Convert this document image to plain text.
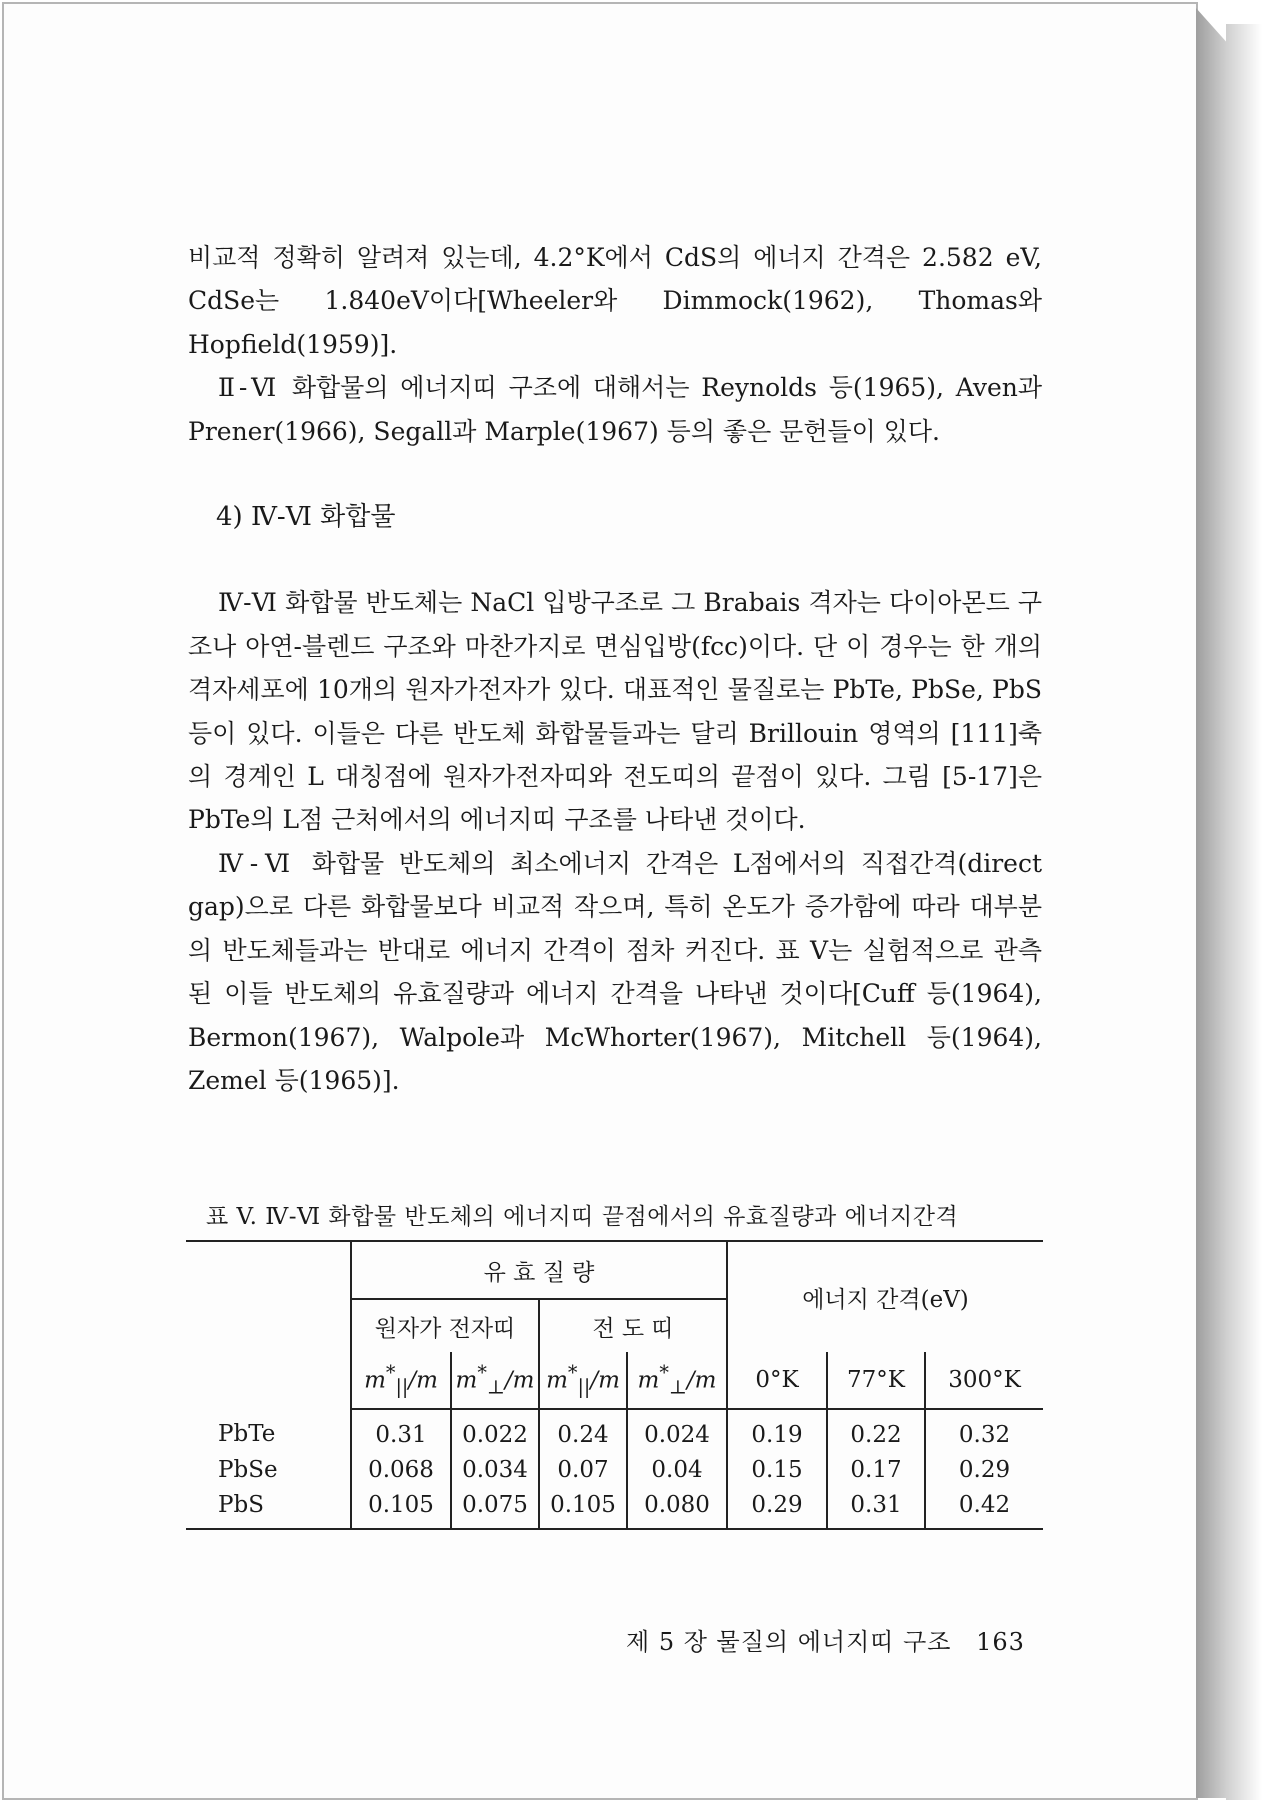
비교적 정확히 알려져 있는데, 4.2°K에서 CdS의 에너지 간격은 2.582 eV, CdSe는 1.840eV이다[Wheeler와 Dimmock(1962), Thomas와 Hopfield(1959)].

Ⅱ-Ⅵ 화합물의 에너지띠 구조에 대해서는 Reynolds 등(1965), Aven과 Prener(1966), Segall과 Marple(1967) 등의 좋은 문헌들이 있다.

4) Ⅳ-Ⅵ 화합물

Ⅳ-Ⅵ 화합물 반도체는 NaCl 입방구조로 그 Brabais 격자는 다이아몬드 구조나 아연-블렌드 구조와 마찬가지로 면심입방(fcc)이다. 단 이 경우는 한 개의 격자세포에 10개의 원자가전자가 있다. 대표적인 물질로는 PbTe, PbSe, PbS 등이 있다. 이들은 다른 반도체 화합물들과는 달리 Brillouin 영역의 [111]축의 경계인 L 대칭점에 원자가전자띠와 전도띠의 끝점이 있다. 그림 [5-17]은 PbTe의 L점 근처에서의 에너지띠 구조를 나타낸 것이다.

Ⅳ-Ⅵ 화합물 반도체의 최소에너지 간격은 L점에서의 직접간격(direct gap)으로 다른 화합물보다 비교적 작으며, 특히 온도가 증가함에 따라 대부분의 반도체들과는 반대로 에너지 간격이 점차 커진다. 표 V는 실험적으로 관측된 이들 반도체의 유효질량과 에너지 간격을 나타낸 것이다[Cuff 등(1964), Bermon(1967), Walpole과 McWhorter(1967), Mitchell 등(1964), Zemel 등(1965)].

표 V. Ⅳ-Ⅵ 화합물 반도체의 에너지띠 끝점에서의 유효질량과 에너지간격
	유 효 질 량				에너지 간격(eV)		
	원자가 전자띠		전 도 띠				
	$m^*_{||}/m$	$m^*_\perp/m$	$m^*_{||}/m$	$m^*_\perp/m$	0°K	77°K	300°K
PbTe	0.31	0.022	0.24	0.024	0.19	0.22	0.32
PbSe	0.068	0.034	0.07	0.04	0.15	0.17	0.29
PbS	0.105	0.075	0.105	0.080	0.29	0.31	0.42
제 5 장 물질의 에너지띠 구조 163
